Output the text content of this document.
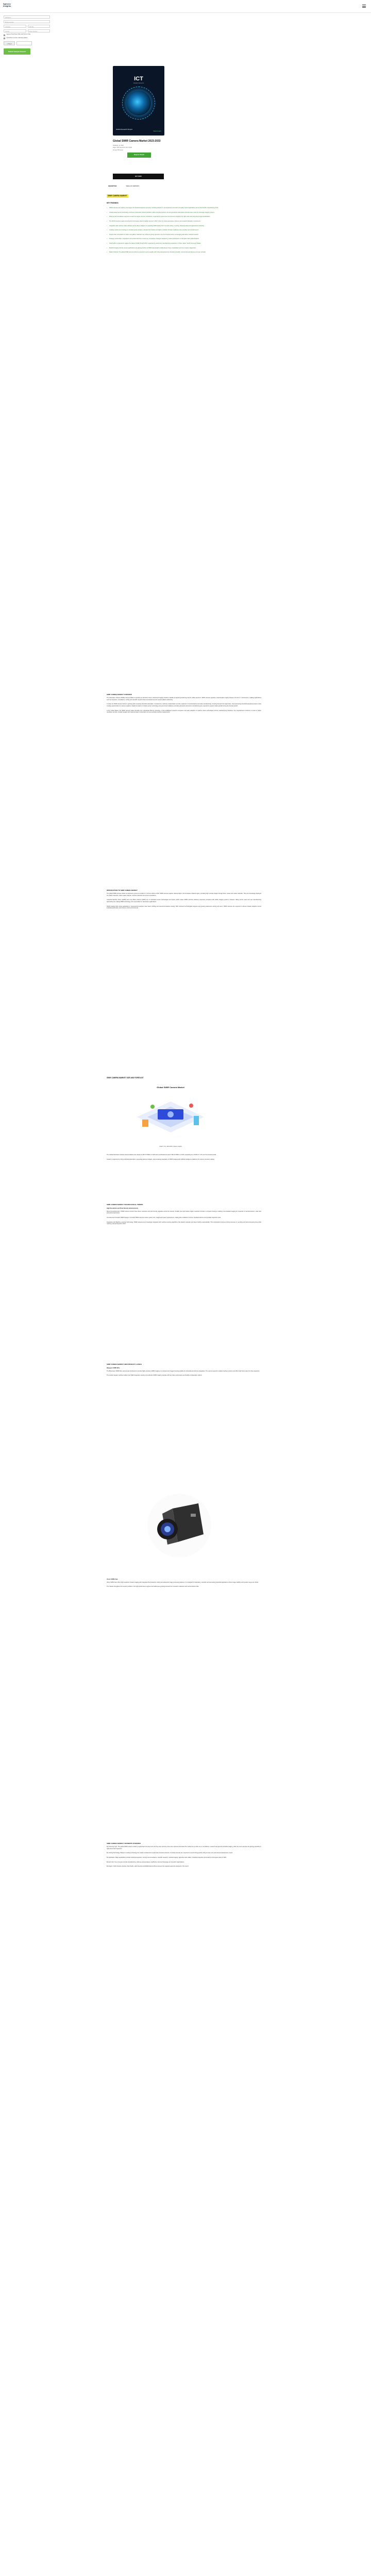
Spherix
Insights
Full Name
Business Email
Company	Job Title
Country	Phone Number
I agree to the Privacy Policy and Terms of Use
I would like to receive marketing updates
x7Kp2
Submit Sample Request
ICT
SPHERIX INSIGHTS
Global Research Report
Spherix Insights
Global SWIR Camera Market 2023-2033
Published: Jun 2023
Pages: 180 | Report ID: SI-ICT-2033
Format: PDF, Excel
Request Sample
BUY NOW
DESCRIPTION	TABLE OF CONTENTS
SWIR CAMERA MARKET
KEY FINDINGS
• SWIR cameras are reaching new degree of industrial inspection accuracy, boosting adoption in semiconductor and solar cell quality control applications across Asia Pacific manufacturing hubs.
• InGaAs-based sensor technology continues to dominate product portfolios, while emerging quantum dot and germanium alternatives promise lower costs for mid-range imaging systems.
• Defense and surveillance segments remain the largest revenue contributors, supported by government procurement programs for night vision and long-range target identification.
• The North American region accounted for the largest share of global revenue in 2023, driven by strong aerospace, defense and research laboratory investments.
• Integration with machine vision software and AI-driven analytics is expanding SWIR deployment into food sorting, recycling, pharmaceutical and agricultural monitoring.
• Leading vendors are focusing on uncooled sensor designs, compact form factors and higher resolution formats to address price sensitive commercial buyers.
• Supply chain constraints for indium and gallium materials may influence pricing dynamics over the forecast period, encouraging alternative material research.
• Strategic partnerships, acquisitions and product launches remain key competitive strategies adopted by market participants to strengthen their global footprint.
• Asia Pacific is projected to register the fastest CAGR through 2033, supported by electronics manufacturing expansion in China, Japan, South Korea and Taiwan.
• Medical imaging and life science applications are gaining traction as SWIR wavelengths enable deeper tissue visualization and non-invasive diagnostics.
• Market Outlook: The global SWIR camera market is expected to grow steadily, with rising demand across industrial, scientific, commercial and defense end-user verticals.
SWIR CAMERA MARKET OVERVIEW

The Shortwave Infrared (SWIR) Camera Market is growing as industries look to advanced imaging solutions capable of capturing detail beyond the visible spectrum. SWIR cameras operate in wavelengths roughly between 0.9 and 1.7 micrometers, enabling applications such as inspection, surveillance, sorting and scientific research that conventional sensors cannot address effectively.

In India, the SWIR camera market is growing with increasing industrial automation, investments in defense modernization and the expansion of semiconductor and solar manufacturing. Growing demand from agriculture, food processing and pharmaceutical sectors is also creating opportunities for camera suppliers. Rapid innovation in InGaAs sensor technology and government initiatives promoting domestic electronics manufacturing are expected to support market growth during the forecast period.

In the United States, the SWIR camera market benefits from substantial defense spending, a well established research ecosystem and early adoption of machine vision technologies across manufacturing industries. Key manufacturers continue to invest in higher resolution sensors, compact designs and reduced power consumption to meet evolving customer requirements.

INTRODUCTION TO SWIR CAMERA MARKET

The global SWIR camera market is projected to grow at a CAGR of 7.1% from 2023 to 2033. SWIR cameras capture reflected light in the shortwave infrared region, providing high contrast images through haze, smoke and certain materials. They are increasingly deployed for quality inspection, silicon wafer analysis, moisture detection and covert surveillance.

Industrial Machine Vision (SWIR) and Long Wave Infrared (LWIR) rely on dedicated sensor technologies and optics, which makes SWIR cameras relatively expensive compared with visible imaging systems. However, falling sensor costs and new manufacturing approaches are making SWIR technology more accessible for mainstream applications.

SWIR imaging finds strong application in hyperspectral analysis, laser beam profiling and telecommunications testing. With continued technological progress and growing awareness among end-users, SWIR cameras are expected to witness broader adoption across industrial automation and process control environments.

SWIR CAMERA MARKET SIZE AND FORECAST
Global SWIR Camera Market
CAGR 7.1% | 2023-2033 | Spherix Insights

The Global Shortwave Infrared Camera Market was valued at USD XX Billion in 2023 and is anticipated to reach USD XX Billion in 2033, expanding at a CAGR of 7.1% over the forecast period.

Growth is supported by rising industrial automation, expanding defense budgets, and increasing integration of SWIR imaging with artificial intelligence platforms for real-time decision making.

SWIR CAMERA MARKET TECHNOLOGICAL TRENDS
High Resolution and Pixel Density Advancements

Recent developments in SWIR camera sensors have driven resolution and pixel density upgrades across the industry. Smaller pixel pitch allows higher resolution formats in compact housings, enabling more detailed imaging for inspection of semiconductors, solar cells and printed electronics.

Uncooled and Compact SWIR Designs: Uncooled SWIR cameras reduce system size, weight and power requirements, making them suitable for drones, handheld devices and portable inspection tools.

Integration with Machine Learning Technology: SWIR cameras are increasingly integrated with machine learning algorithms that classify materials and detect defects automatically. This combination improves sorting accuracy in recycling and food processing lines while reducing manual inspection effort.

SWIR CAMERA MARKET: NEW PRODUCT LAUNCH
Bluegeen SWIR Wire

The BlueGreen SWIR Wire camera was introduced to provide highly sensitive SWIR imaging in a compact and rugged housing suitable for industrial and defense integration. The camera supports multiple interface options and offers high frame rates for inline inspection.

The product targets machine builders and OEM integrators seeking cost-effective SWIR imaging modules with low noise performance and flexible configuration options.

Vision SWIR-Cam

Vision SWIR-Cam offers high-resolution InGaAs imaging with integrated thermoelectric cooling and advanced image processing features. It is designed for laboratory, scientific and demanding industrial applications where image stability and dynamic range are critical.

The release strengthens the vendor portfolio in the high-performance segment and addresses growing demand from research institutions and semiconductor fabs.

SWIR CAMERA MARKET: SEGMENTS OVERVIEW

By Scanning Type: The global SWIR camera market is segmented into area scan and line scan cameras. Area scan cameras dominated the market due to wide use in surveillance, research and general industrial imaging, while line scan cameras are gaining popularity in high-speed web inspection.

By Cooling Technology: Based on cooling technology the market is divided into cooled and uncooled cameras. Uncooled cameras are expected to record strong growth owing to lower cost and reduced maintenance needs.

By Application: Major applications include industrial inspection, security and surveillance, scientific research, medical imaging, agriculture and military. Industrial inspection accounted for the largest share in 2023.

By End User: Key end-users include manufacturing, defense and aerospace, healthcare, food and beverage and research organizations.

By Region: North America, Europe, Asia Pacific, Latin America and Middle East & Africa represent the regional segments analysed in this report.
